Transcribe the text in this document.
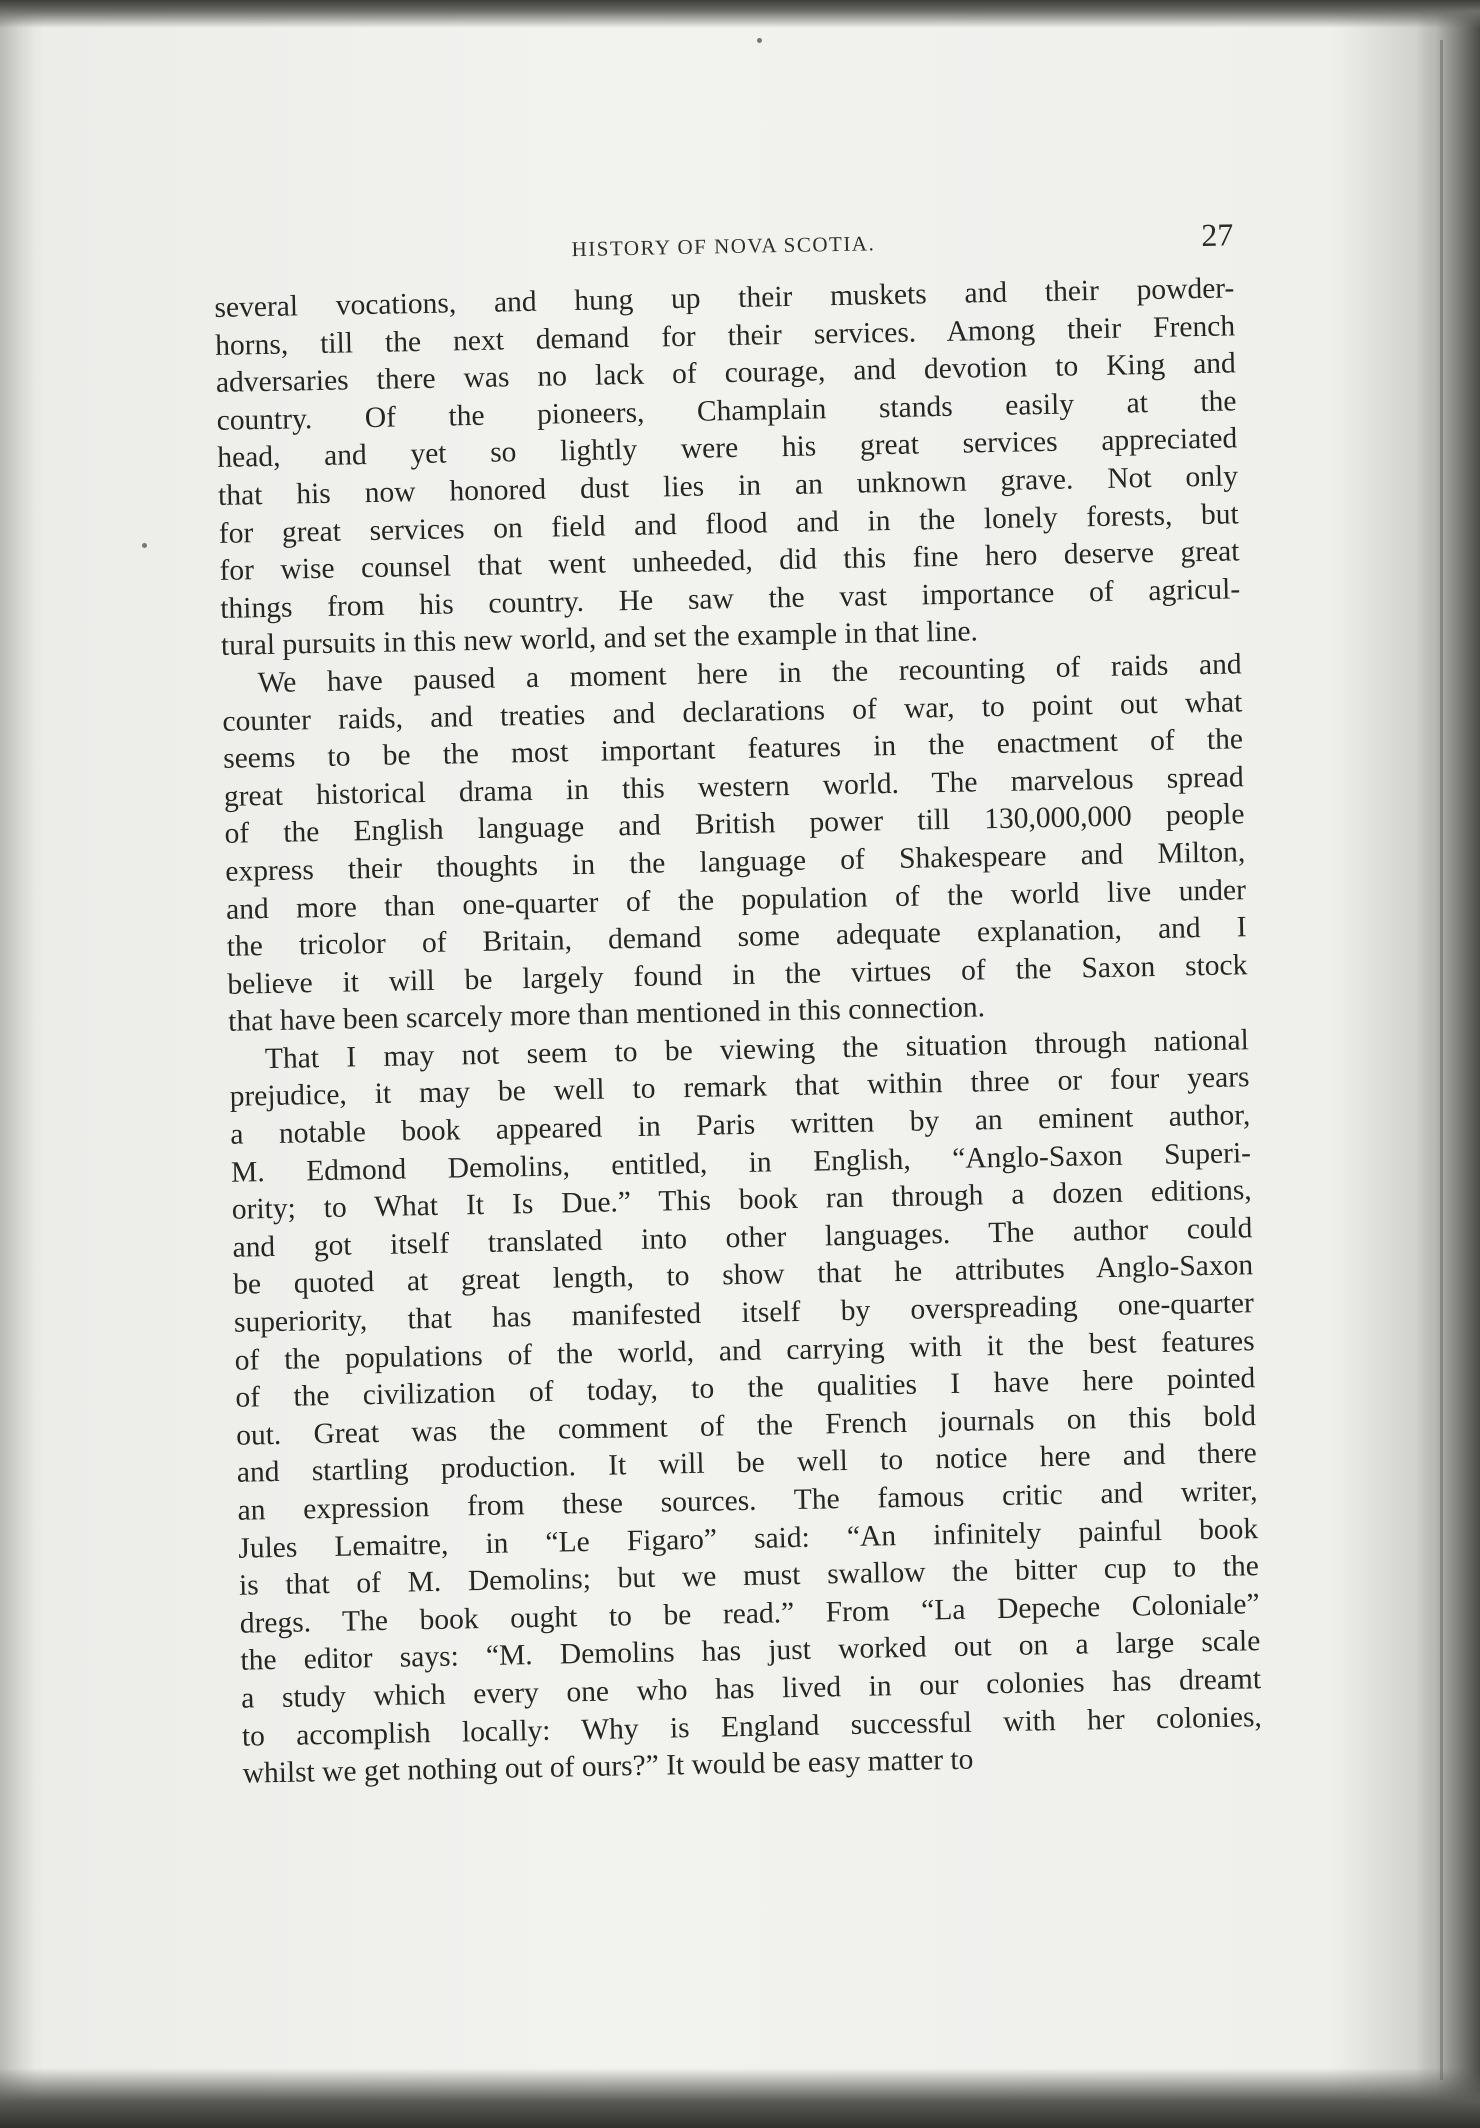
HISTORY OF NOVA SCOTIA.	27

several vocations, and hung up their muskets and their powder-
horns, till the next demand for their services. Among their French
adversaries there was no lack of courage, and devotion to King and
country. Of the pioneers, Champlain stands easily at the
head, and yet so lightly were his great services appreciated
that his now honored dust lies in an unknown grave. Not only
for great services on field and flood and in the lonely forests, but
for wise counsel that went unheeded, did this fine hero deserve great
things from his country. He saw the vast importance of agricul-
tural pursuits in this new world, and set the example in that line.

We have paused a moment here in the recounting of raids and
counter raids, and treaties and declarations of war, to point out what
seems to be the most important features in the enactment of the
great historical drama in this western world. The marvelous spread
of the English language and British power till 130,000,000 people
express their thoughts in the language of Shakespeare and Milton,
and more than one-quarter of the population of the world live under
the tricolor of Britain, demand some adequate explanation, and I
believe it will be largely found in the virtues of the Saxon stock
that have been scarcely more than mentioned in this connection.

That I may not seem to be viewing the situation through national
prejudice, it may be well to remark that within three or four years
a notable book appeared in Paris written by an eminent author,
M. Edmond Demolins, entitled, in English, “Anglo-Saxon Superi-
ority; to What It Is Due.” This book ran through a dozen editions,
and got itself translated into other languages. The author could
be quoted at great length, to show that he attributes Anglo-Saxon
superiority, that has manifested itself by overspreading one-quarter
of the populations of the world, and carrying with it the best features
of the civilization of today, to the qualities I have here pointed
out. Great was the comment of the French journals on this bold
and startling production. It will be well to notice here and there
an expression from these sources. The famous critic and writer,
Jules Lemaitre, in “Le Figaro” said: “An infinitely painful book
is that of M. Demolins; but we must swallow the bitter cup to the
dregs. The book ought to be read.” From “La Depeche Coloniale”
the editor says: “M. Demolins has just worked out on a large scale
a study which every one who has lived in our colonies has dreamt
to accomplish locally: Why is England successful with her colonies,
whilst we get nothing out of ours?” It would be easy matter to
